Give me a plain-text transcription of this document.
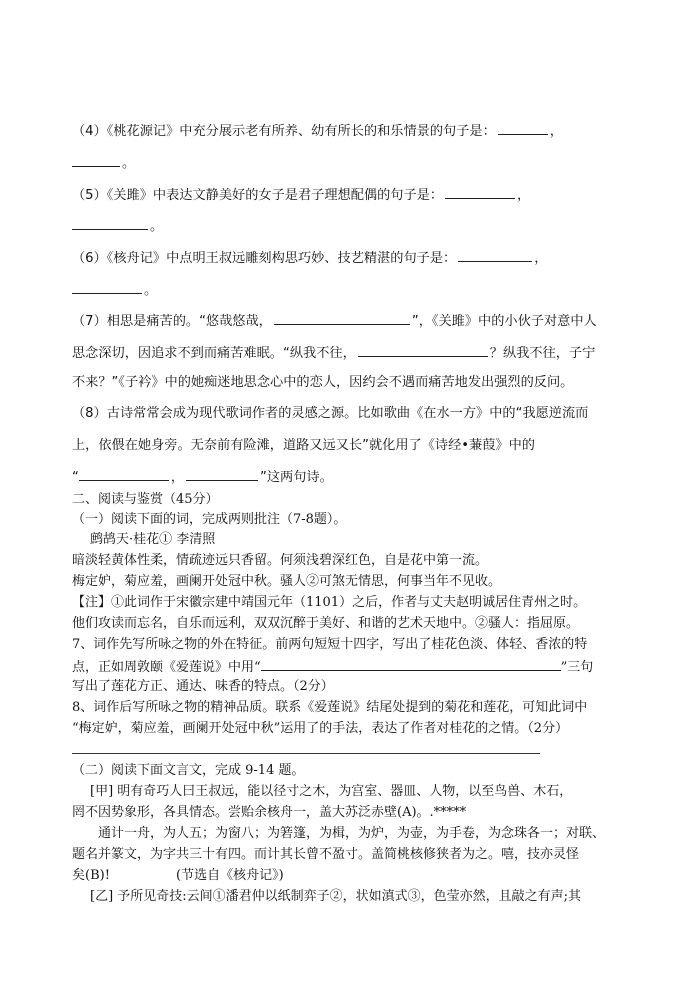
（4）《桃花源记》中充分展示老有所养、幼有所长的和乐情景的句子是：	，
。
（5）《关雎》中表达文静美好的女子是君子理想配偶的句子是：	，
。
（6）《核舟记》中点明王叔远雕刻构思巧妙、技艺精湛的句子是：	，
。
（7）相思是痛苦的。“悠哉悠哉，	”，《关雎》中的小伙子对意中人
思念深切，因追求不到而痛苦难眠。“纵我不往，	？纵我不往，子宁
不来？”《子衿》中的她痴迷地思念心中的恋人，因约会不遇而痛苦地发出强烈的反问。
（8）古诗常常会成为现代歌词作者的灵感之源。比如歌曲《在水一方》中的“我愿逆流而
上，依偎在她身旁。无奈前有险滩，道路又远又长”就化用了《诗经•蒹葭》中的
“	，	”这两句诗。
二、阅读与鉴赏（45分）
（一）阅读下面的词，完成两则批注（7-8题）。
鹧鸪天·桂花① 李清照
暗淡轻黄体性柔，情疏迹远只香留。何须浅碧深红色，自是花中第一流。
梅定妒，菊应羞，画阑开处冠中秋。骚人②可煞无情思，何事当年不见收。
【注】①此词作于宋徽宗建中靖国元年（1101）之后，作者与丈夫赵明诚居住青州之时。
他们攻读而忘名，自乐而远利，双双沉醉于美好、和谐的艺术天地中。②骚人：指屈原。
7、词作先写所咏之物的外在特征。前两句短短十四字，写出了桂花色淡、体轻、香浓的特
点，正如周敦颐《爱莲说》中用“	”三句
写出了莲花方正、通达、味香的特点。（2分）
8、词作后写所咏之物的精神品质。联系《爱莲说》结尾处提到的菊花和莲花，可知此词中
“梅定妒，菊应羞，画阑开处冠中秋”运用了的手法，表达了作者对桂花的之情。（2分）
（二）阅读下面文言文，完成 9-14 题。
[甲] 明有奇巧人曰王叔远，能以径寸之木，为宫室、器皿、人物，以至鸟兽、木石，
罔不因势象形，各具情态。尝贻余核舟一，盖大苏泛赤壁(A)。.*****
通计一舟，为人五；为窗八；为箬篷，为楫，为炉，为壶，为手卷，为念珠各一；对联、
题名并篆文，为字共三十有四。而计其长曾不盈寸。盖简桃核修狭者为之。嘻，技亦灵怪
矣(B)!                (节选自《核舟记》)
[乙] 予所见奇技:云间①潘君仲以纸制弈子②，状如滇式③，色莹亦然，且敲之有声;其
